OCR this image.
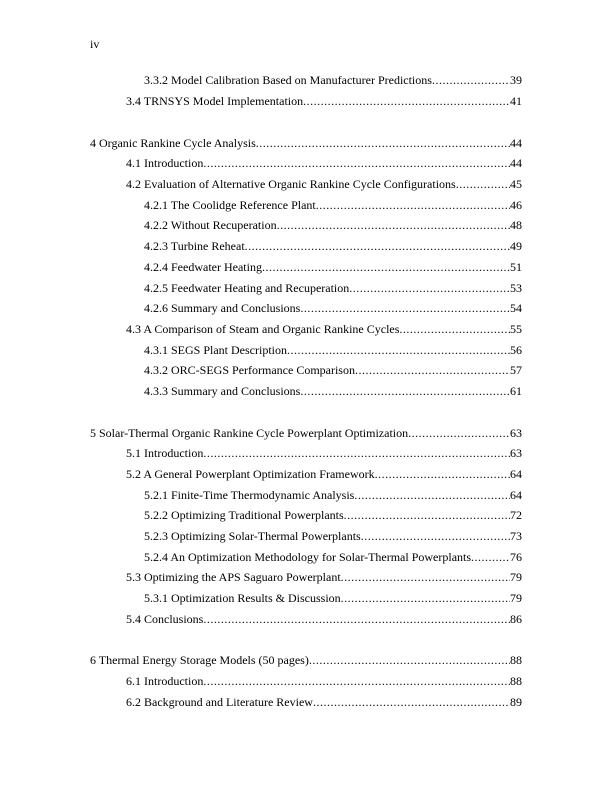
iv
3.3.2 Model Calibration Based on Manufacturer Predictions .....	39
3.4 TRNSYS Model Implementation .....	41
4 Organic Rankine Cycle Analysis .....	44
4.1 Introduction .....	44
4.2 Evaluation of Alternative Organic Rankine Cycle Configurations .....	45
4.2.1 The Coolidge Reference Plant .....	46
4.2.2 Without Recuperation .....	48
4.2.3 Turbine Reheat .....	49
4.2.4 Feedwater Heating .....	51
4.2.5 Feedwater Heating and Recuperation .....	53
4.2.6 Summary and Conclusions .....	54
4.3 A Comparison of Steam and Organic Rankine Cycles .....	55
4.3.1 SEGS Plant Description .....	56
4.3.2 ORC-SEGS Performance Comparison .....	57
4.3.3 Summary and Conclusions .....	61
5 Solar-Thermal Organic Rankine Cycle Powerplant Optimization .....	63
5.1 Introduction .....	63
5.2 A General Powerplant Optimization Framework .....	64
5.2.1 Finite-Time Thermodynamic Analysis .....	64
5.2.2 Optimizing Traditional Powerplants .....	72
5.2.3 Optimizing Solar-Thermal Powerplants .....	73
5.2.4 An Optimization Methodology for Solar-Thermal Powerplants .....	76
5.3 Optimizing the APS Saguaro Powerplant .....	79
5.3.1 Optimization Results & Discussion .....	79
5.4 Conclusions .....	86
6 Thermal Energy Storage Models (50 pages) .....	88
6.1 Introduction .....	88
6.2 Background and Literature Review .....	89
